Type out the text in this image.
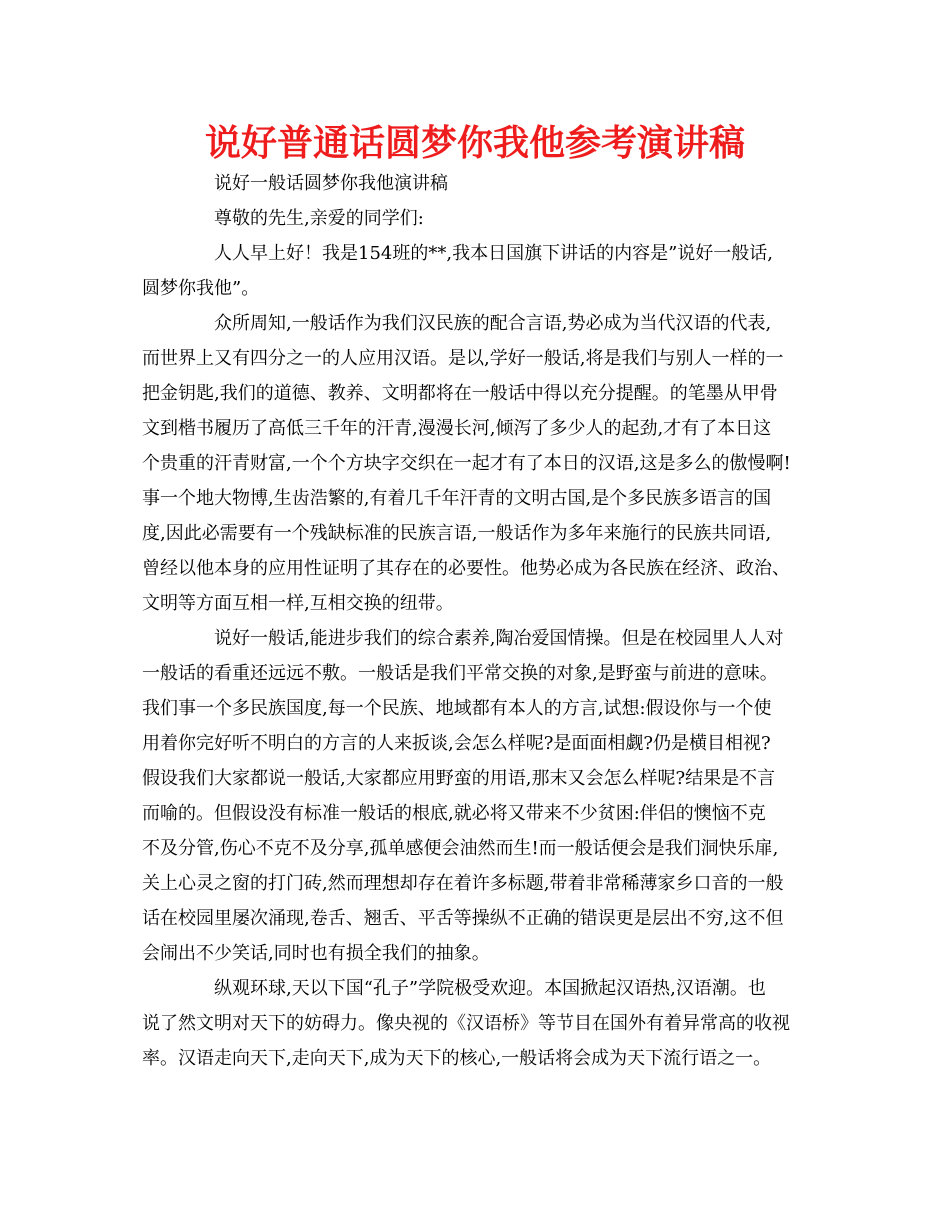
说好普通话圆梦你我他参考演讲稿

说好一般话圆梦你我他演讲稿

尊敬的先生,亲爱的同学们:

人人早上好！我是154班的**,我本日国旗下讲话的内容是”说好一般话,

圆梦你我他”。

众所周知,一般话作为我们汉民族的配合言语,势必成为当代汉语的代表,

而世界上又有四分之一的人应用汉语。是以,学好一般话,将是我们与别人一样的一

把金钥匙,我们的道德、教养、文明都将在一般话中得以充分提醒。的笔墨从甲骨

文到楷书履历了高低三千年的汗青,漫漫长河,倾泻了多少人的起劲,才有了本日这

个贵重的汗青财富,一个个方块字交织在一起才有了本日的汉语,这是多么的傲慢啊!

事一个地大物博,生齿浩繁的,有着几千年汗青的文明古国,是个多民族多语言的国

度,因此必需要有一个残缺标准的民族言语,一般话作为多年来施行的民族共同语,

曾经以他本身的应用性证明了其存在的必要性。他势必成为各民族在经济、政治、

文明等方面互相一样,互相交换的纽带。

说好一般话,能进步我们的综合素养,陶冶爱国情操。但是在校园里人人对

一般话的看重还远远不敷。一般话是我们平常交换的对象,是野蛮与前进的意味。

我们事一个多民族国度,每一个民族、地域都有本人的方言,试想:假设你与一个使

用着你完好听不明白的方言的人来扳谈,会怎么样呢?是面面相觑?仍是横目相视?

假设我们大家都说一般话,大家都应用野蛮的用语,那末又会怎么样呢?结果是不言

而喻的。但假设没有标准一般话的根底,就必将又带来不少贫困:伴侣的懊恼不克

不及分管,伤心不克不及分享,孤单感便会油然而生!而一般话便会是我们洞快乐扉,

关上心灵之窗的打门砖,然而理想却存在着许多标题,带着非常稀薄家乡口音的一般

话在校园里屡次涌现,卷舌、翘舌、平舌等操纵不正确的错误更是层出不穷,这不但

会闹出不少笑话,同时也有损全我们的抽象。

纵观环球,天以下国“孔子”学院极受欢迎。本国掀起汉语热,汉语潮。也

说了然文明对天下的妨碍力。像央视的《汉语桥》等节目在国外有着异常高的收视

率。汉语走向天下,走向天下,成为天下的核心,一般话将会成为天下流行语之一。
